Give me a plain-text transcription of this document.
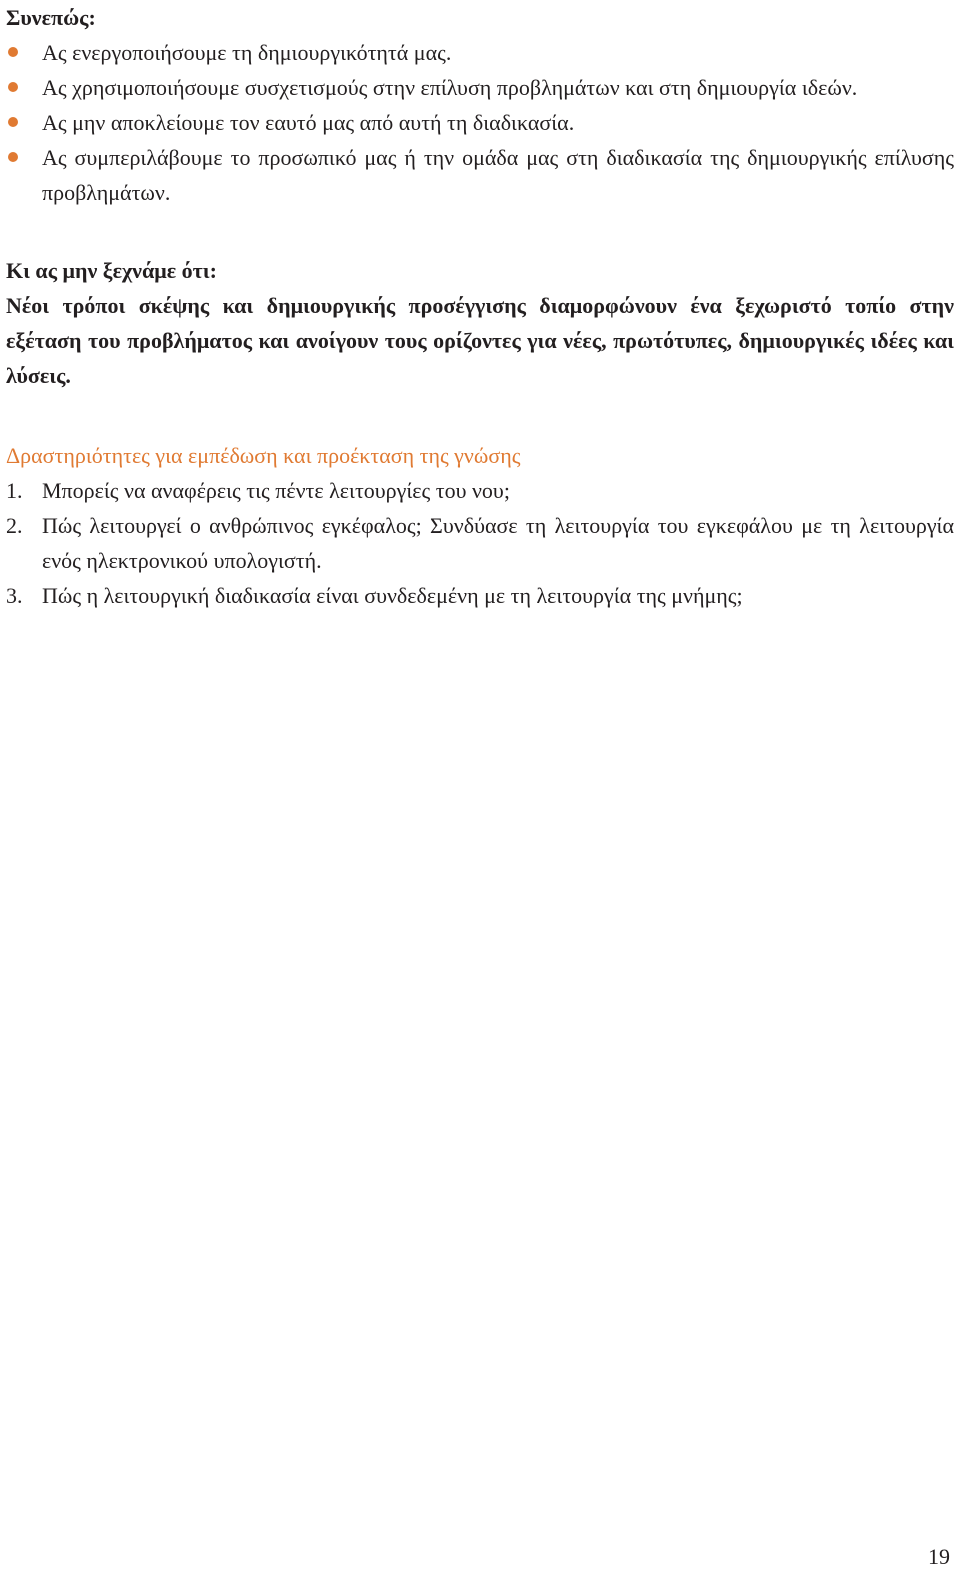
Συνεπώς:

Ας ενεργοποιήσουμε τη δημιουργικότητά μας.
Ας χρησιμοποιήσουμε συσχετισμούς στην επίλυση προβλημάτων και στη δημιουργία ιδεών.
Ας μην αποκλείουμε τον εαυτό μας από αυτή τη διαδικασία.
Ας συμπεριλάβουμε το προσωπικό μας ή την ομάδα μας στη διαδικασία της δημιουργικής επίλυσης προβλημάτων.

Κι ας μην ξεχνάμε ότι:

Νέοι τρόποι σκέψης και δημιουργικής προσέγγισης διαμορφώνουν ένα ξεχωριστό τοπίο στην εξέταση του προβλήματος και ανοίγουν τους ορίζοντες για νέες, πρωτότυπες, δημιουργικές ιδέες και λύσεις.

Δραστηριότητες για εμπέδωση και προέκταση της γνώσης

1. Μπορείς να αναφέρεις τις πέντε λειτουργίες του νου;
2. Πώς λειτουργεί ο ανθρώπινος εγκέφαλος; Συνδύασε τη λειτουργία του εγκεφάλου με τη λειτουργία ενός ηλεκτρονικού υπολογιστή.
3. Πώς η λειτουργική διαδικασία είναι συνδεδεμένη με τη λειτουργία της μνήμης;
19
